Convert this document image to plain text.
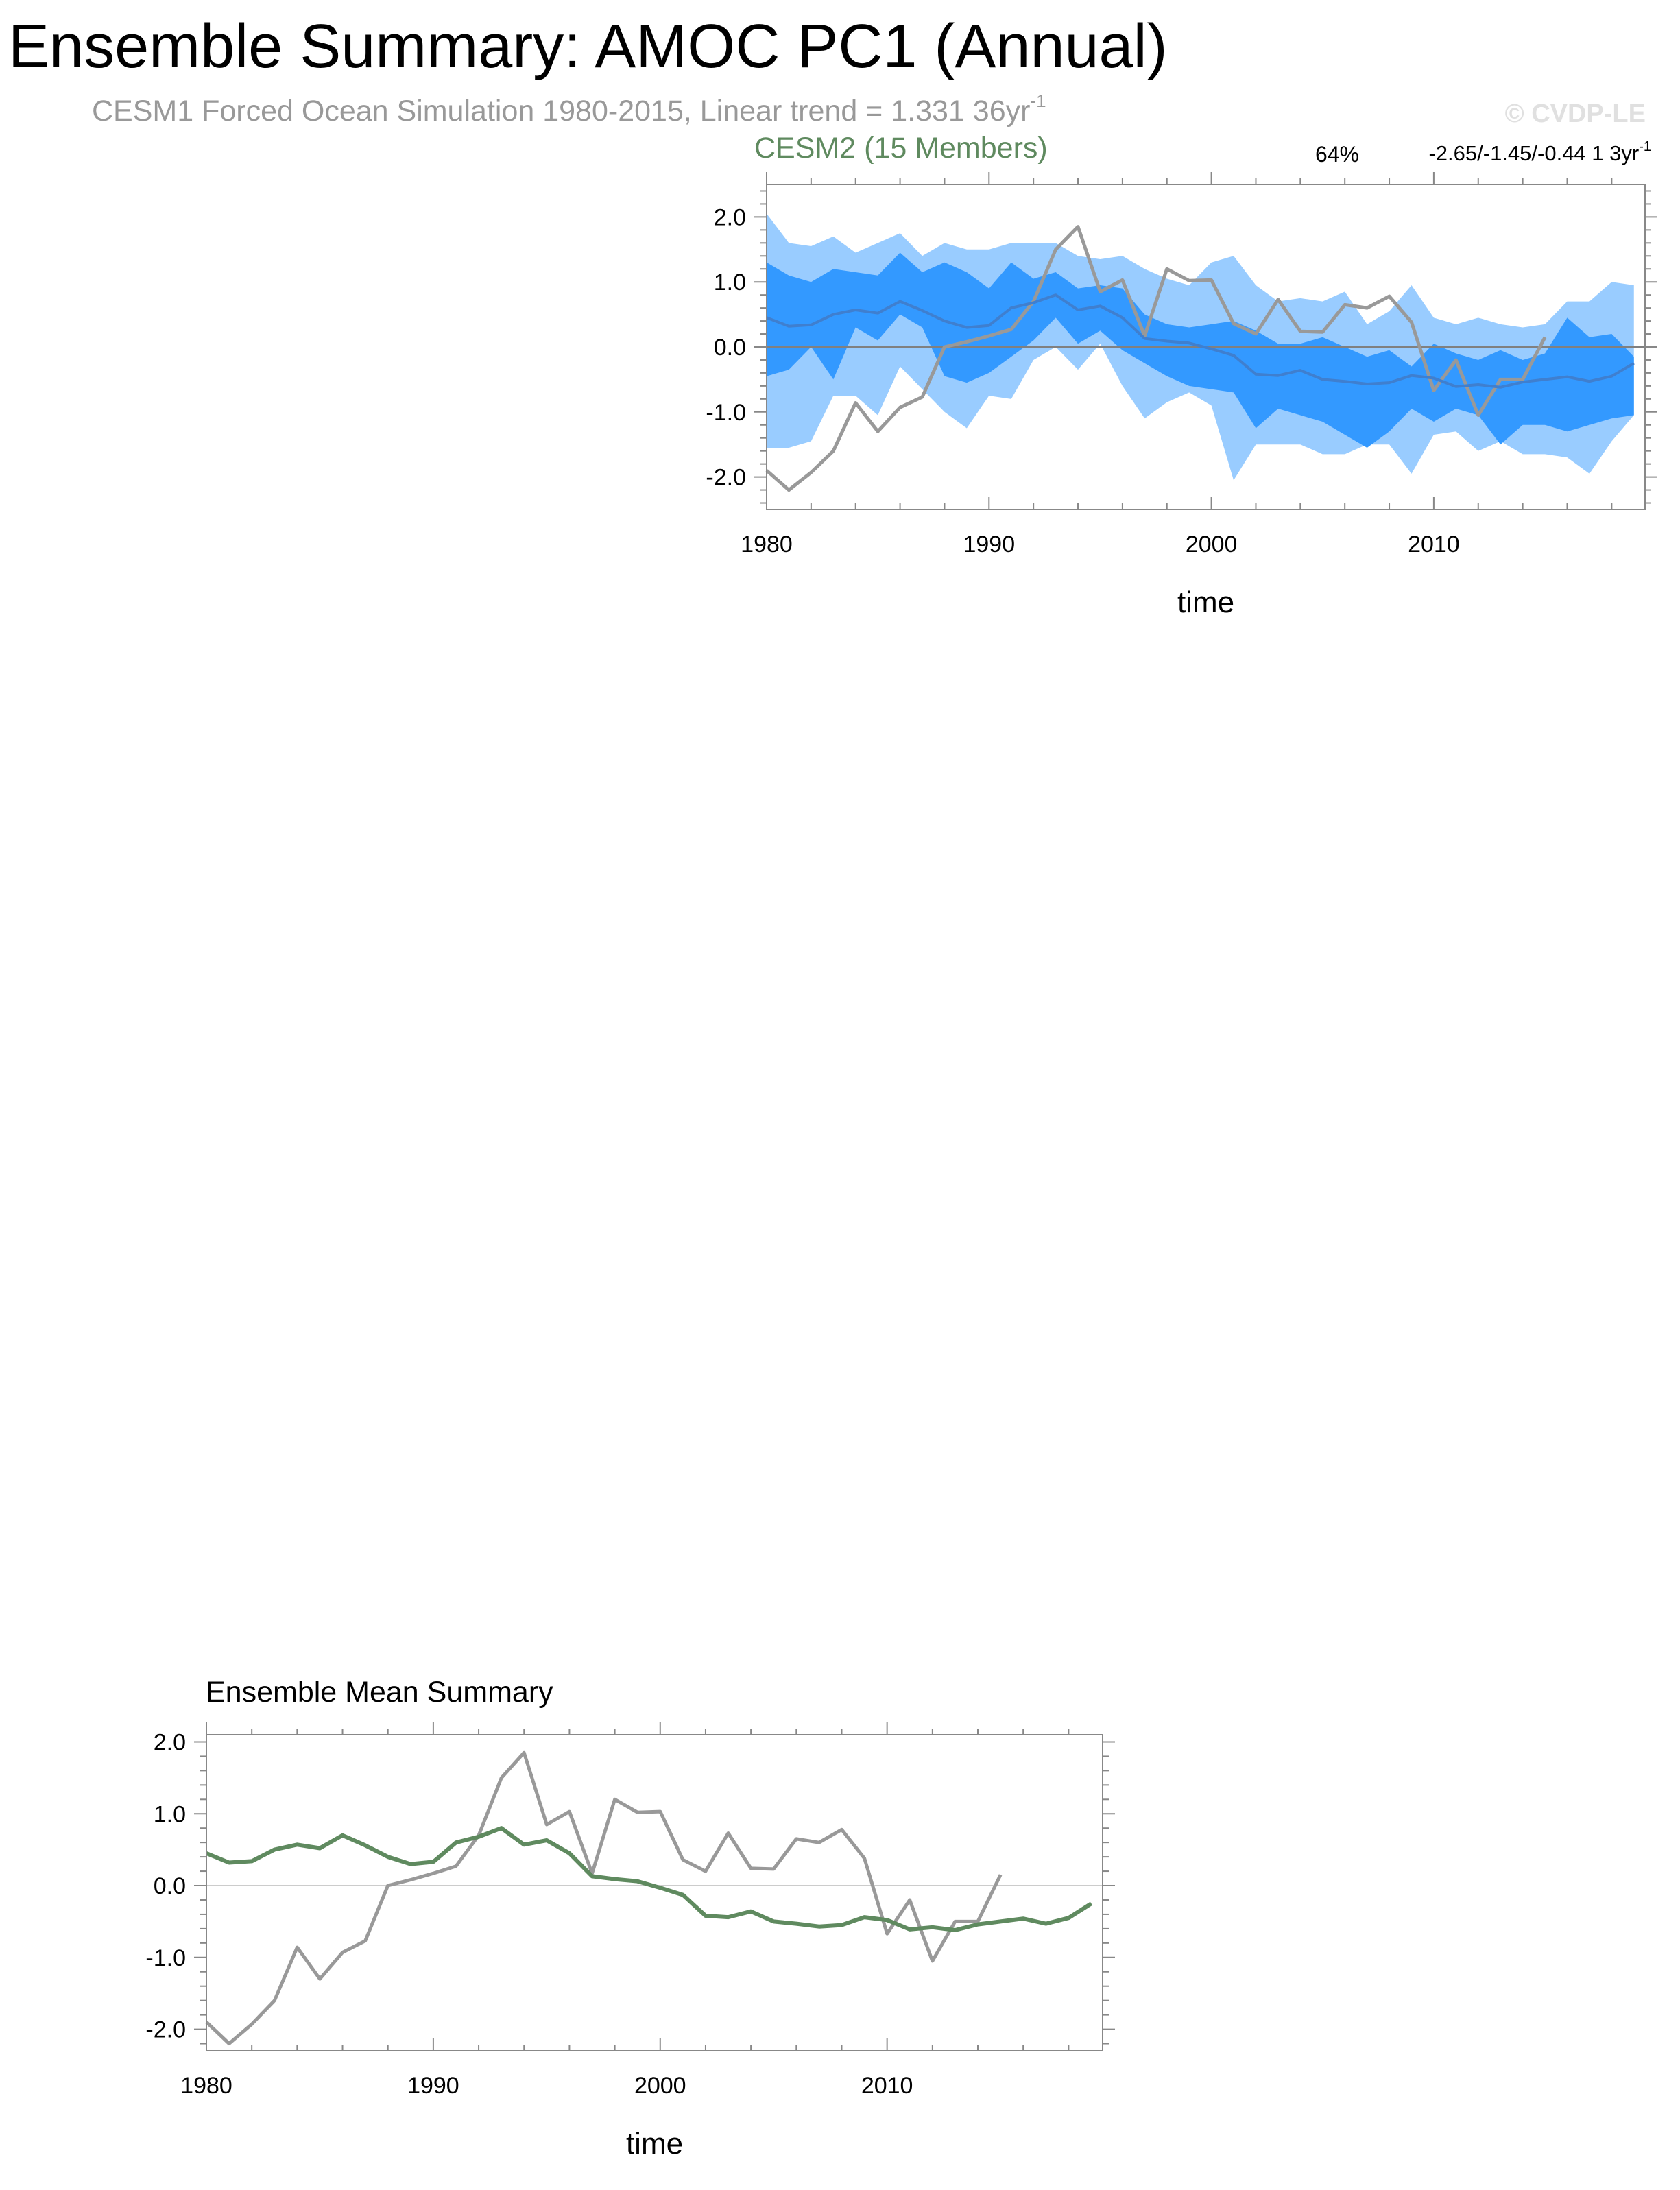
Ensemble Summary: AMOC PC1 (Annual)
CESM1 Forced Ocean Simulation 1980-2015, Linear trend = 1.331 $36yr^{-1}$	© CVDP-LE
CESM2 (15 Members)	64%	-2.65/-1.45/-0.44 1 $3yr^{-1}$
1980	1990	2000	2010
-2.0
-1.0
0.0
1.0
2.0
time
Ensemble Mean Summary
1980	1990	2000	2010
-2.0
-1.0
0.0
1.0
2.0
time
